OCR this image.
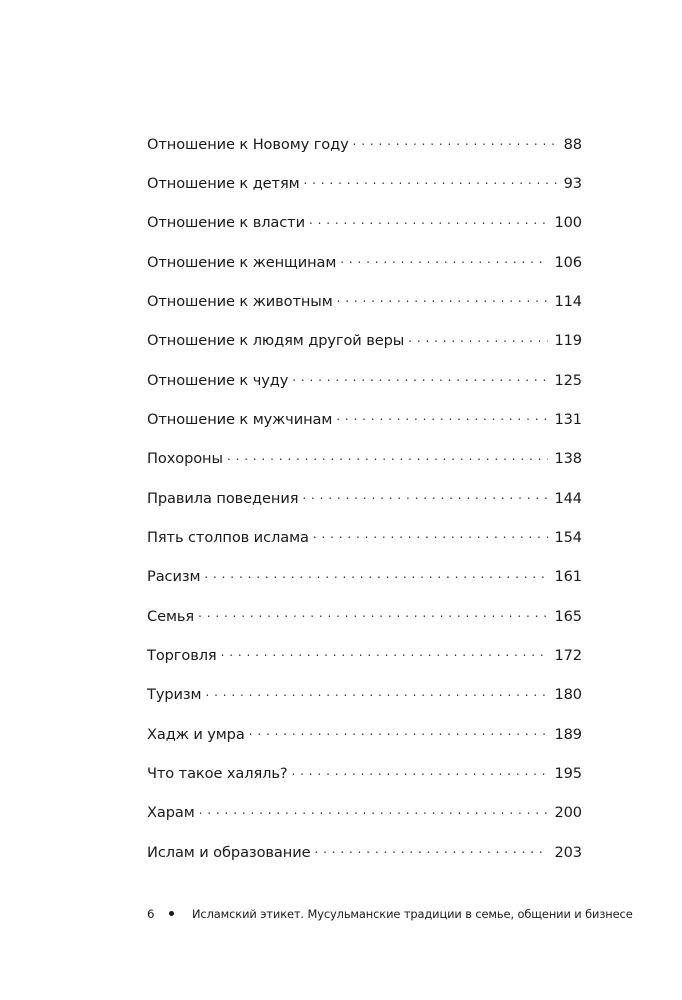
Отношение к Новому году . . .	88
Отношение к детям . . .	93
Отношение к власти . . .	100
Отношение к женщинам . . .	106
Отношение к животным . . .	114
Отношение к людям другой веры . . .	119
Отношение к чуду . . .	125
Отношение к мужчинам . . .	131
Похороны . . .	138
Правила поведения . . .	144
Пять столпов ислама . . .	154
Расизм . . .	161
Семья . . .	165
Торговля . . .	172
Туризм . . .	180
Хадж и умра . . .	189
Что такое халяль? . . .	195
Харам . . .	200
Ислам и образование . . .	203
6	Исламский этикет. Мусульманские традиции в семье, общении и бизнесе
